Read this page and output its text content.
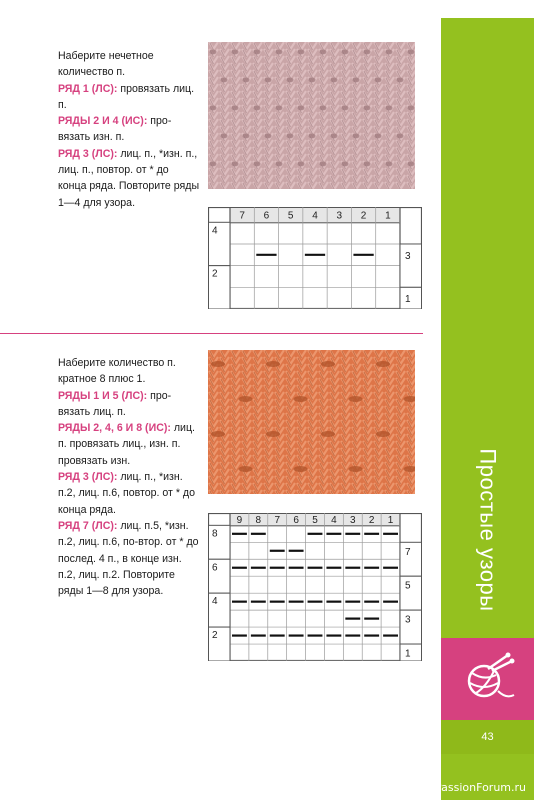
Простые узоры
43

Наберите нечетное количество п.

РЯД 1 (ЛС): провязать лиц. п.

РЯДЫ 2 И 4 (ИС): про-вязать изн. п.

РЯД 3 (ЛС): лиц. п., *изн. п., лиц. п., повтор. от * до конца ряда. Повторите ряды 1—4 для узора.

7 6 5 4 3 2 1
4
2
3
1

Наберите количество п. кратное 8 плюс 1.

РЯДЫ 1 И 5 (ЛС): про-вязать лиц. п.

РЯДЫ 2, 4, 6 И 8 (ИС): лиц. п. провязать лиц., изн. п. провязать изн.

РЯД 3 (ЛС): лиц. п., *изн. п.2, лиц. п.6, повтор. от * до конца ряда.

РЯД 7 (ЛС): лиц. п.5, *изн. п.2, лиц. п.6, по-втор. от * до послед. 4 п., в конце изн. п.2, лиц. п.2. Повторите ряды 1—8 для узора.

9 8 7 6 5 4 3 2 1
8
6
4
2
7
5
3
1
PassionForum.ru
